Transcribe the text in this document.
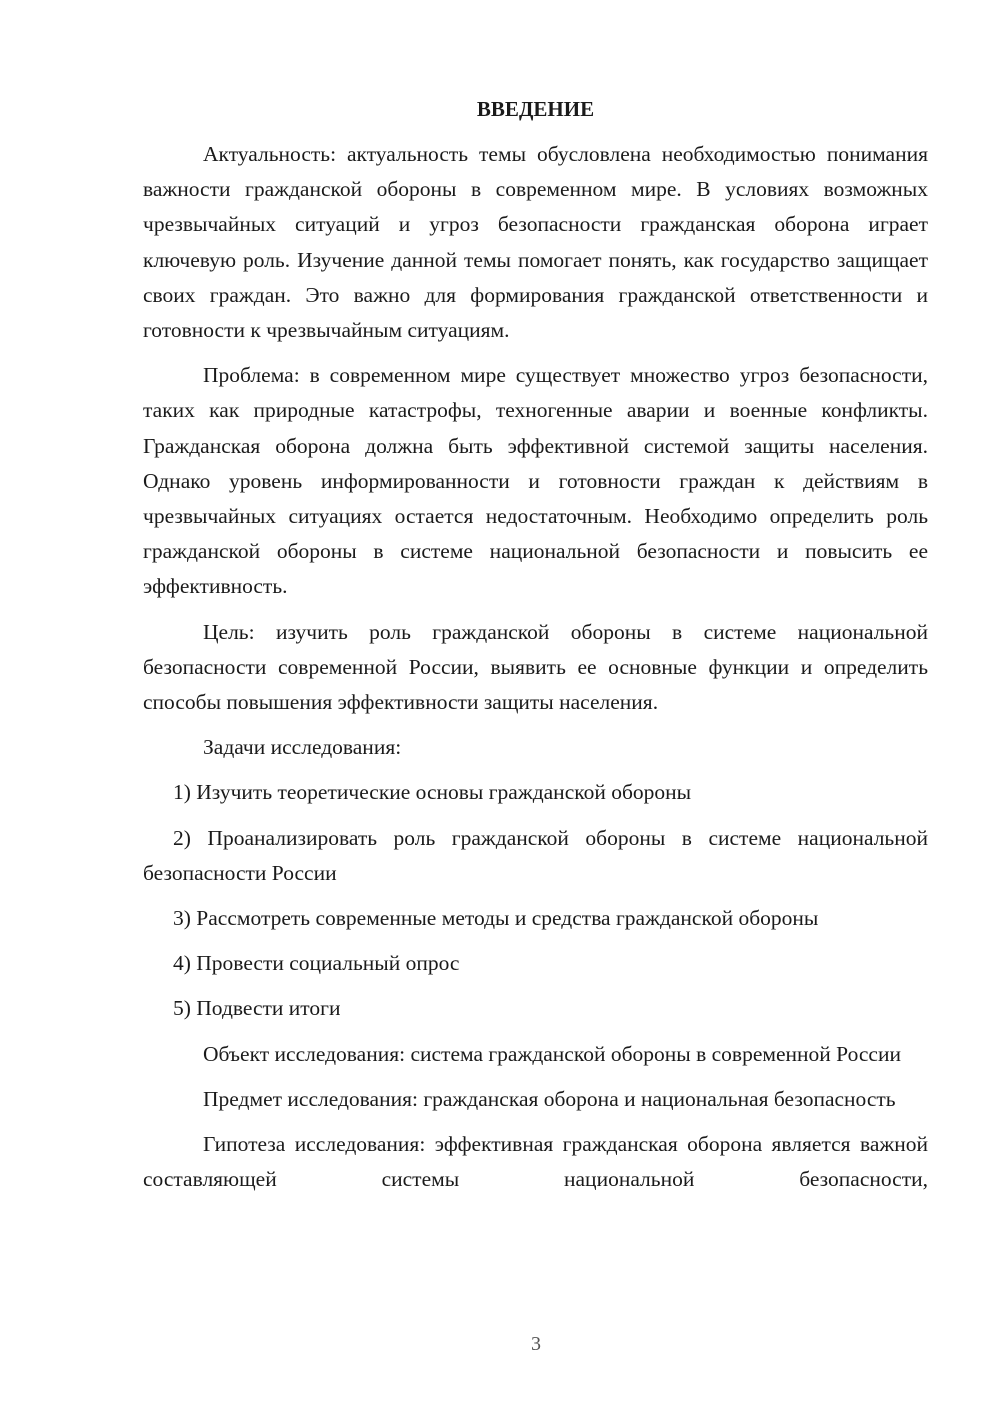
ВВЕДЕНИЕ

Актуальность: актуальность темы обусловлена необходимостью понимания важности гражданской обороны в современном мире. В условиях возможных чрезвычайных ситуаций и угроз безопасности гражданская оборона играет ключевую роль. Изучение данной темы помогает понять, как государство защищает своих граждан. Это важно для формирования гражданской ответственности и готовности к чрезвычайным ситуациям.

Проблема: в современном мире существует множество угроз безопасности, таких как природные катастрофы, техногенные аварии и военные конфликты. Гражданская оборона должна быть эффективной системой защиты населения. Однако уровень информированности и готовности граждан к действиям в чрезвычайных ситуациях остается недостаточным. Необходимо определить роль гражданской обороны в системе национальной безопасности и повысить ее эффективность.

Цель: изучить роль гражданской обороны в системе национальной безопасности современной России, выявить ее основные функции и определить способы повышения эффективности защиты населения.

Задачи исследования:

1) Изучить теоретические основы гражданской обороны

2) Проанализировать роль гражданской обороны в системе национальной безопасности России

3) Рассмотреть современные методы и средства гражданской обороны

4) Провести социальный опрос

5) Подвести итоги

Объект исследования: система гражданской обороны в современной России

Предмет исследования: гражданская оборона и национальная безопасность

Гипотеза исследования: эффективная гражданская оборона является важной составляющей системы национальной безопасности,

3
